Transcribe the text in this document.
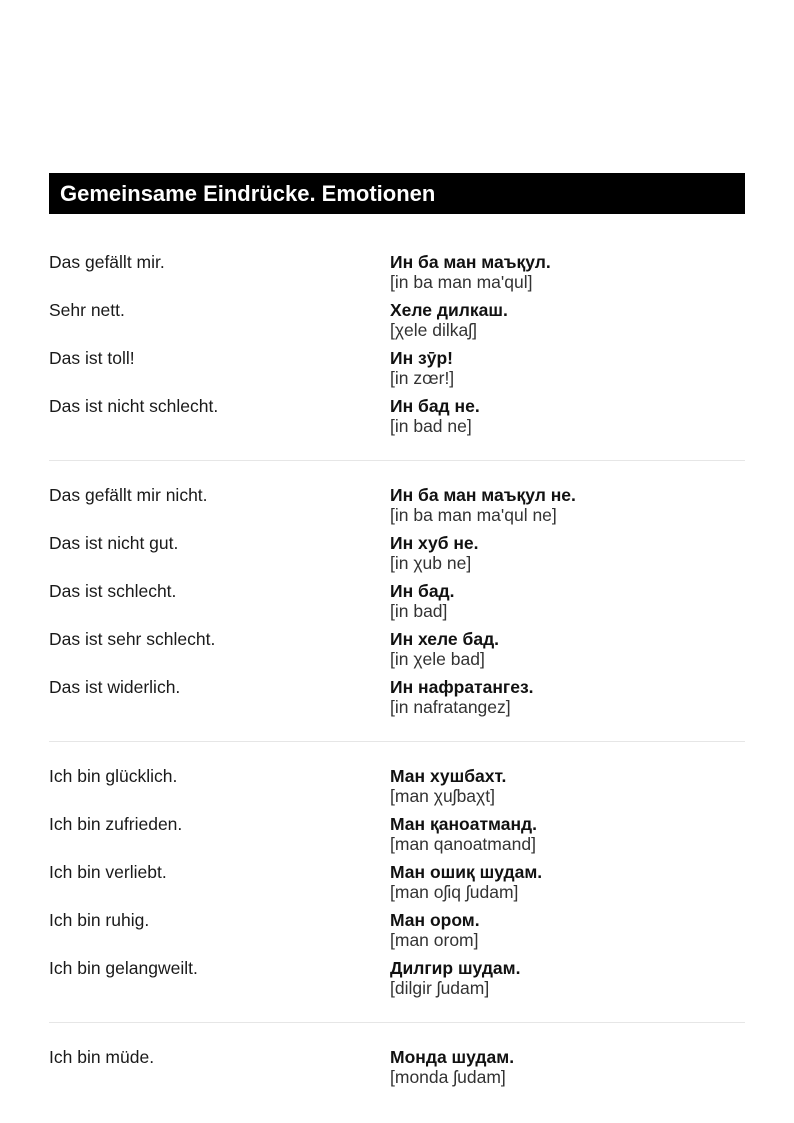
Gemeinsame Eindrücke. Emotionen
Das gefällt mir.	Ин ба ман маъқул.
[in ba man ma'qul]
Sehr nett.	Хеле дилкаш.
[χele dilkaʃ]
Das ist toll!	Ин зӯр!
[in zœr!]
Das ist nicht schlecht.	Ин бад не.
[in bad ne]
Das gefällt mir nicht.	Ин ба ман маъқул не.
[in ba man ma'qul ne]
Das ist nicht gut.	Ин хуб не.
[in χub ne]
Das ist schlecht.	Ин бад.
[in bad]
Das ist sehr schlecht.	Ин хеле бад.
[in χele bad]
Das ist widerlich.	Ин нафратангез.
[in nafratangez]
Ich bin glücklich.	Ман хушбахт.
[man χuʃbaχt]
Ich bin zufrieden.	Ман қаноатманд.
[man qanoatmand]
Ich bin verliebt.	Ман ошиқ шудам.
[man oʃiq ʃudam]
Ich bin ruhig.	Ман ором.
[man orom]
Ich bin gelangweilt.	Дилгир шудам.
[dilgir ʃudam]
Ich bin müde.	Монда шудам.
[monda ʃudam]
